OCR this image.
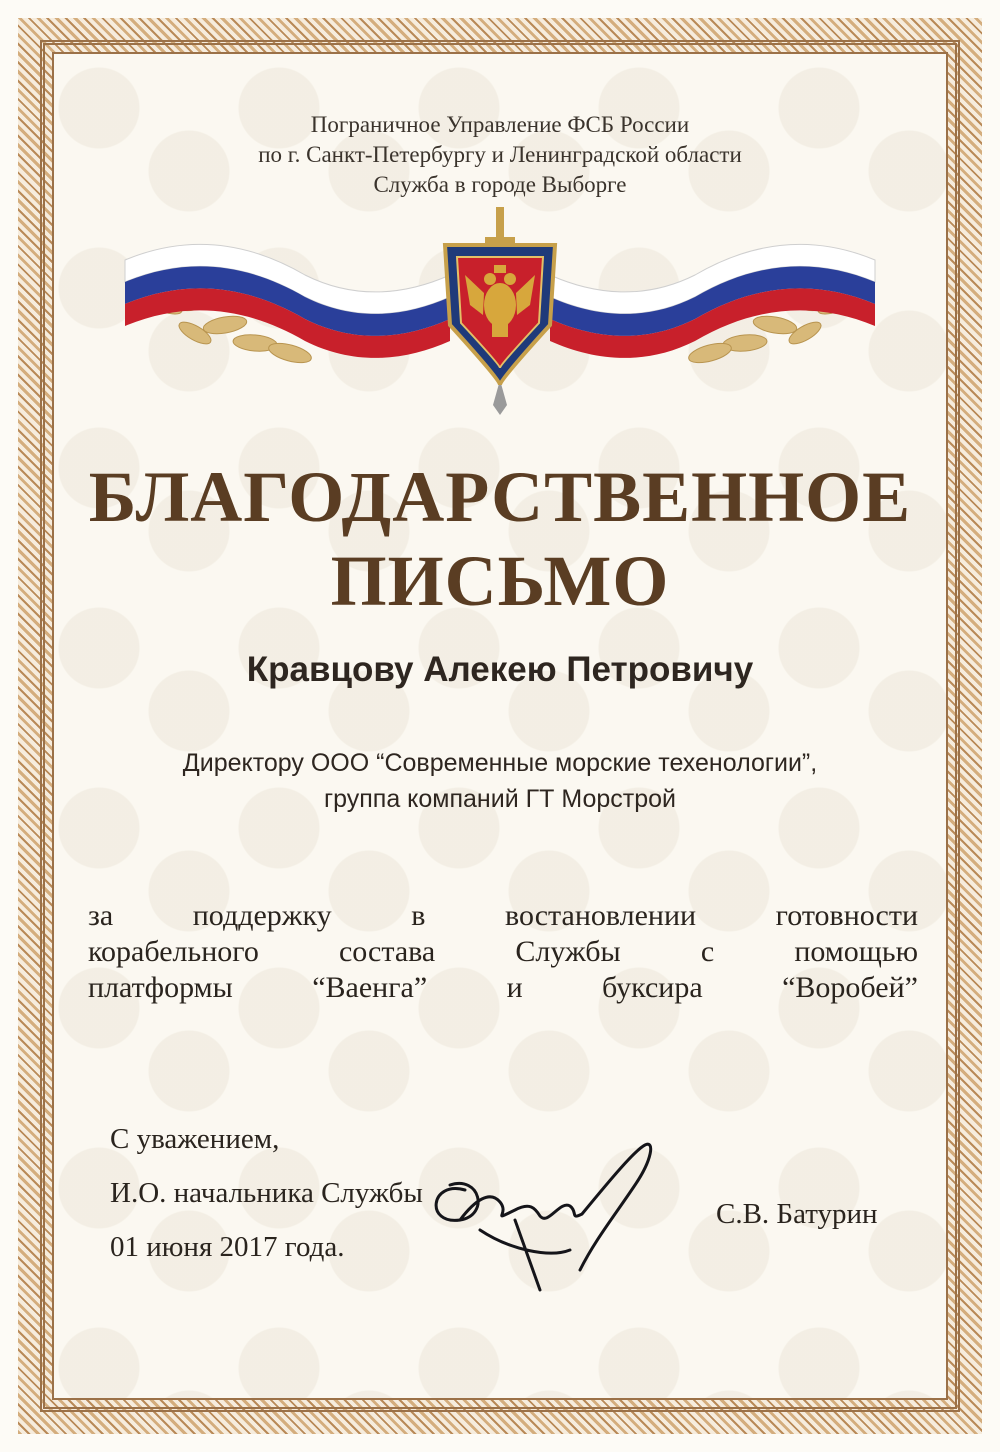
Пограничное Управление ФСБ России
по г. Санкт-Петербургу и Ленинградской области
Служба в городе Выборге
БЛАГОДАРСТВЕННОЕ
ПИСЬМО
Кравцову Алекею Петровичу
Директору ООО “Современные морские техенологии”,
группа компаний ГТ Морстрой
за	поддержку	в	востановлении	готовности
корабельного	состава	Службы	с	помощью
платформы	“Ваенга”	и	буксира	“Воробей”
С уважением,
И.О. начальника Службы
01 июня 2017 года.
С.В. Батурин
